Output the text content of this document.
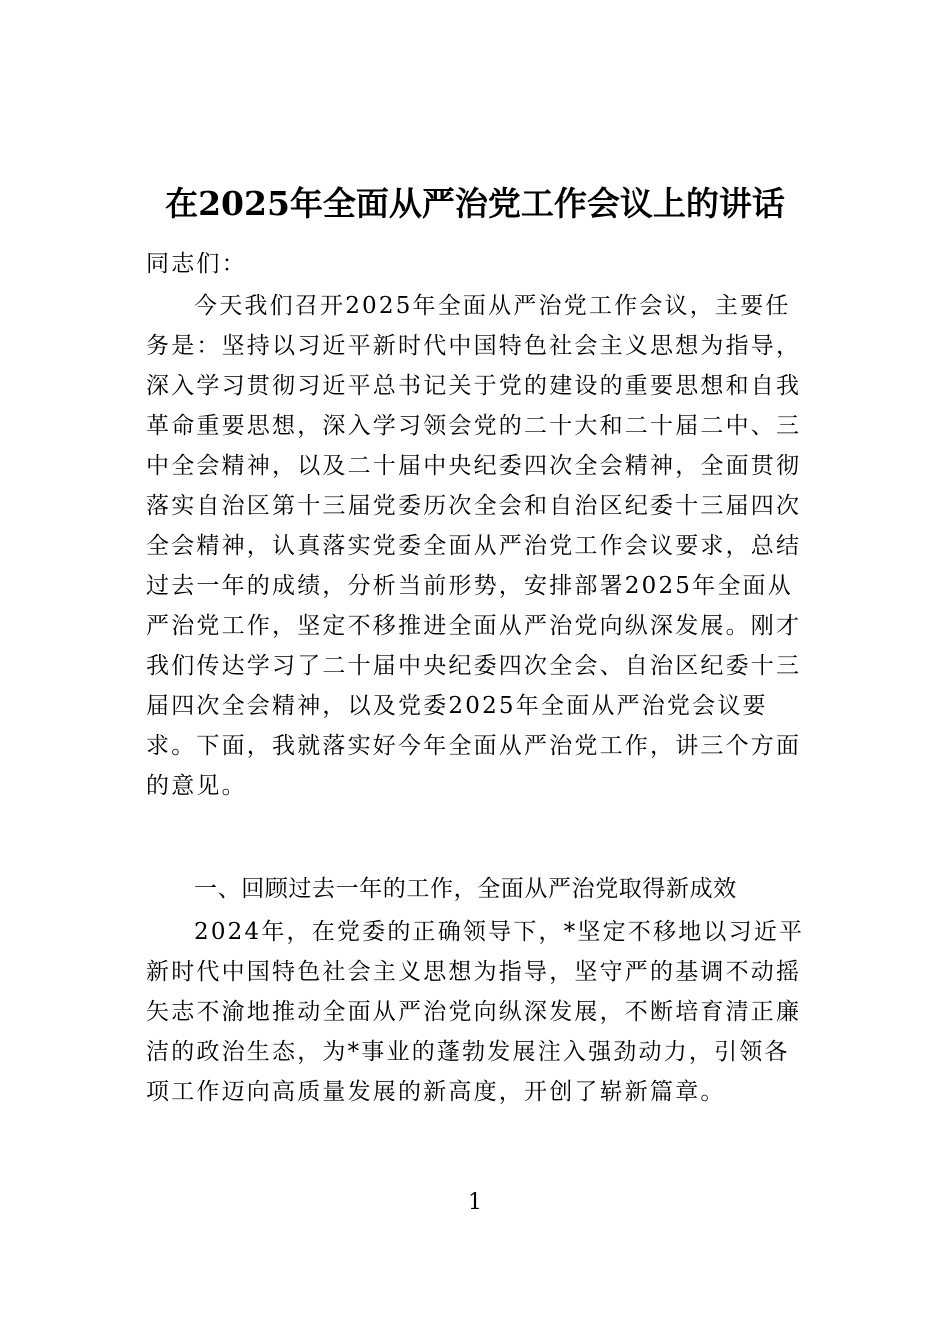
在2025年全面从严治党工作会议上的讲话
同志们：

今天我们召开2025年全面从严治党工作会议，主要任务是：坚持以习近平新时代中国特色社会主义思想为指导，深入学习贯彻习近平总书记关于党的建设的重要思想和自我革命重要思想，深入学习领会党的二十大和二十届二中、三中全会精神，以及二十届中央纪委四次全会精神，全面贯彻落实自治区第十三届党委历次全会和自治区纪委十三届四次全会精神，认真落实党委全面从严治党工作会议要求，总结过去一年的成绩，分析当前形势，安排部署2025年全面从严治党工作，坚定不移推进全面从严治党向纵深发展。刚才我们传达学习了二十届中央纪委四次全会、自治区纪委十三届四次全会精神，以及党委2025年全面从严治党会议要求。下面，我就落实好今年全面从严治党工作，讲三个方面的意见。

一、回顾过去一年的工作，全面从严治党取得新成效

2024年，在党委的正确领导下，*坚定不移地以习近平新时代中国特色社会主义思想为指导，坚守严的基调不动摇矢志不渝地推动全面从严治党向纵深发展，不断培育清正廉洁的政治生态，为*事业的蓬勃发展注入强劲动力，引领各项工作迈向高质量发展的新高度，开创了崭新篇章。

1
